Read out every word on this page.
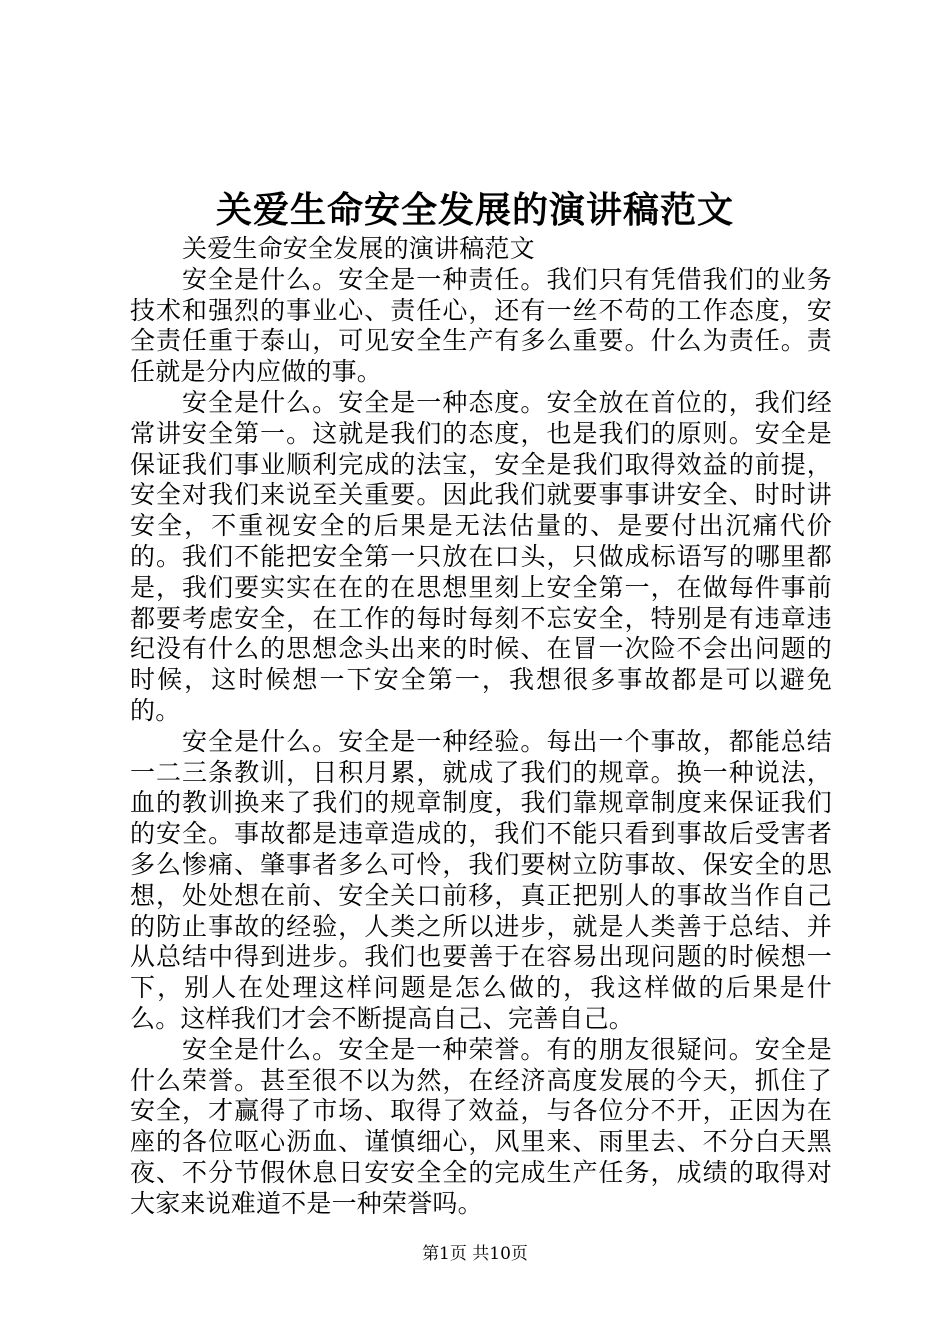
关爱生命安全发展的演讲稿范文

关爱生命安全发展的演讲稿范文

安全是什么。安全是一种责任。我们只有凭借我们的业务技术和强烈的事业心、责任心，还有一丝不苟的工作态度，安全责任重于泰山，可见安全生产有多么重要。什么为责任。责任就是分内应做的事。

安全是什么。安全是一种态度。安全放在首位的，我们经常讲安全第一。这就是我们的态度，也是我们的原则。安全是保证我们事业顺利完成的法宝，安全是我们取得效益的前提，安全对我们来说至关重要。因此我们就要事事讲安全、时时讲安全，不重视安全的后果是无法估量的、是要付出沉痛代价的。我们不能把安全第一只放在口头，只做成标语写的哪里都是，我们要实实在在的在思想里刻上安全第一，在做每件事前都要考虑安全，在工作的每时每刻不忘安全，特别是有违章违纪没有什么的思想念头出来的时候、在冒一次险不会出问题的时候，这时候想一下安全第一，我想很多事故都是可以避免的。

安全是什么。安全是一种经验。每出一个事故，都能总结一二三条教训，日积月累，就成了我们的规章。换一种说法，血的教训换来了我们的规章制度，我们靠规章制度来保证我们的安全。事故都是违章造成的，我们不能只看到事故后受害者多么惨痛、肇事者多么可怜，我们要树立防事故、保安全的思想，处处想在前、安全关口前移，真正把别人的事故当作自己的防止事故的经验，人类之所以进步，就是人类善于总结、并从总结中得到进步。我们也要善于在容易出现问题的时候想一下，别人在处理这样问题是怎么做的，我这样做的后果是什么。这样我们才会不断提高自己、完善自己。

安全是什么。安全是一种荣誉。有的朋友很疑问。安全是什么荣誉。甚至很不以为然，在经济高度发展的今天，抓住了安全，才赢得了市场、取得了效益，与各位分不开，正因为在座的各位呕心沥血、谨慎细心，风里来、雨里去、不分白天黑夜、不分节假休息日安安全全的完成生产任务，成绩的取得对大家来说难道不是一种荣誉吗。

第1页 共10页
